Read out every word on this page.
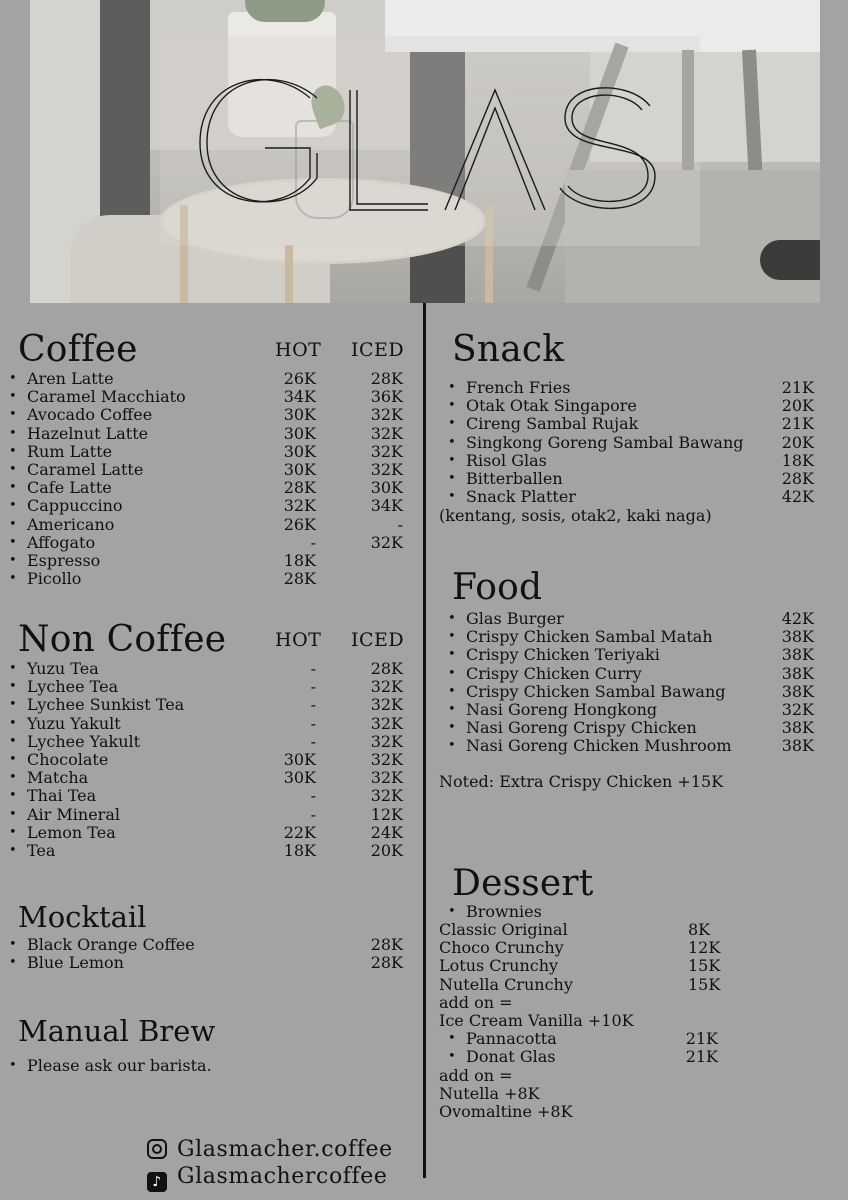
Coffee	HOT ICED
• Aren Latte	26K	28K
• Caramel Macchiato	34K	36K
• Avocado Coffee	30K	32K
• Hazelnut Latte	30K	32K
• Rum Latte	30K	32K
• Caramel Latte	30K	32K
• Cafe Latte	28K	30K
• Cappuccino	32K	34K
• Americano	26K	-
• Affogato	-	32K
• Espresso	18K
• Picollo	28K
Non Coffee	HOT ICED
• Yuzu Tea	-	28K
• Lychee Tea	-	32K
• Lychee Sunkist Tea	-	32K
• Yuzu Yakult	-	32K
• Lychee Yakult	-	32K
• Chocolate	30K	32K
• Matcha	30K	32K
• Thai Tea	-	32K
• Air Mineral	-	12K
• Lemon Tea	22K	24K
• Tea	18K	20K
Mocktail
• Black Orange Coffee	28K
• Blue Lemon	28K
Manual Brew
• Please ask our barista.
Glasmacher.coffee
♪ Glasmachercoffee
Snack
• French Fries	21K
• Otak Otak Singapore	20K
• Cireng Sambal Rujak	21K
• Singkong Goreng Sambal Bawang 20K
• Risol Glas	18K
• Bitterballen	28K
• Snack Platter	42K
(kentang, sosis, otak2, kaki naga)
Food
• Glas Burger	42K
• Crispy Chicken Sambal Matah	38K
• Crispy Chicken Teriyaki	38K
• Crispy Chicken Curry	38K
• Crispy Chicken Sambal Bawang	38K
• Nasi Goreng Hongkong	32K
• Nasi Goreng Crispy Chicken	38K
• Nasi Goreng Chicken Mushroom	38K
Noted: Extra Crispy Chicken +15K
Dessert
• Brownies
Classic Original	8K
Choco Crunchy	12K
Lotus Crunchy	15K
Nutella Crunchy	15K
add on =
Ice Cream Vanilla +10K
• Pannacotta	21K
• Donat Glas	21K
add on =
Nutella +8K
Ovomaltine +8K
